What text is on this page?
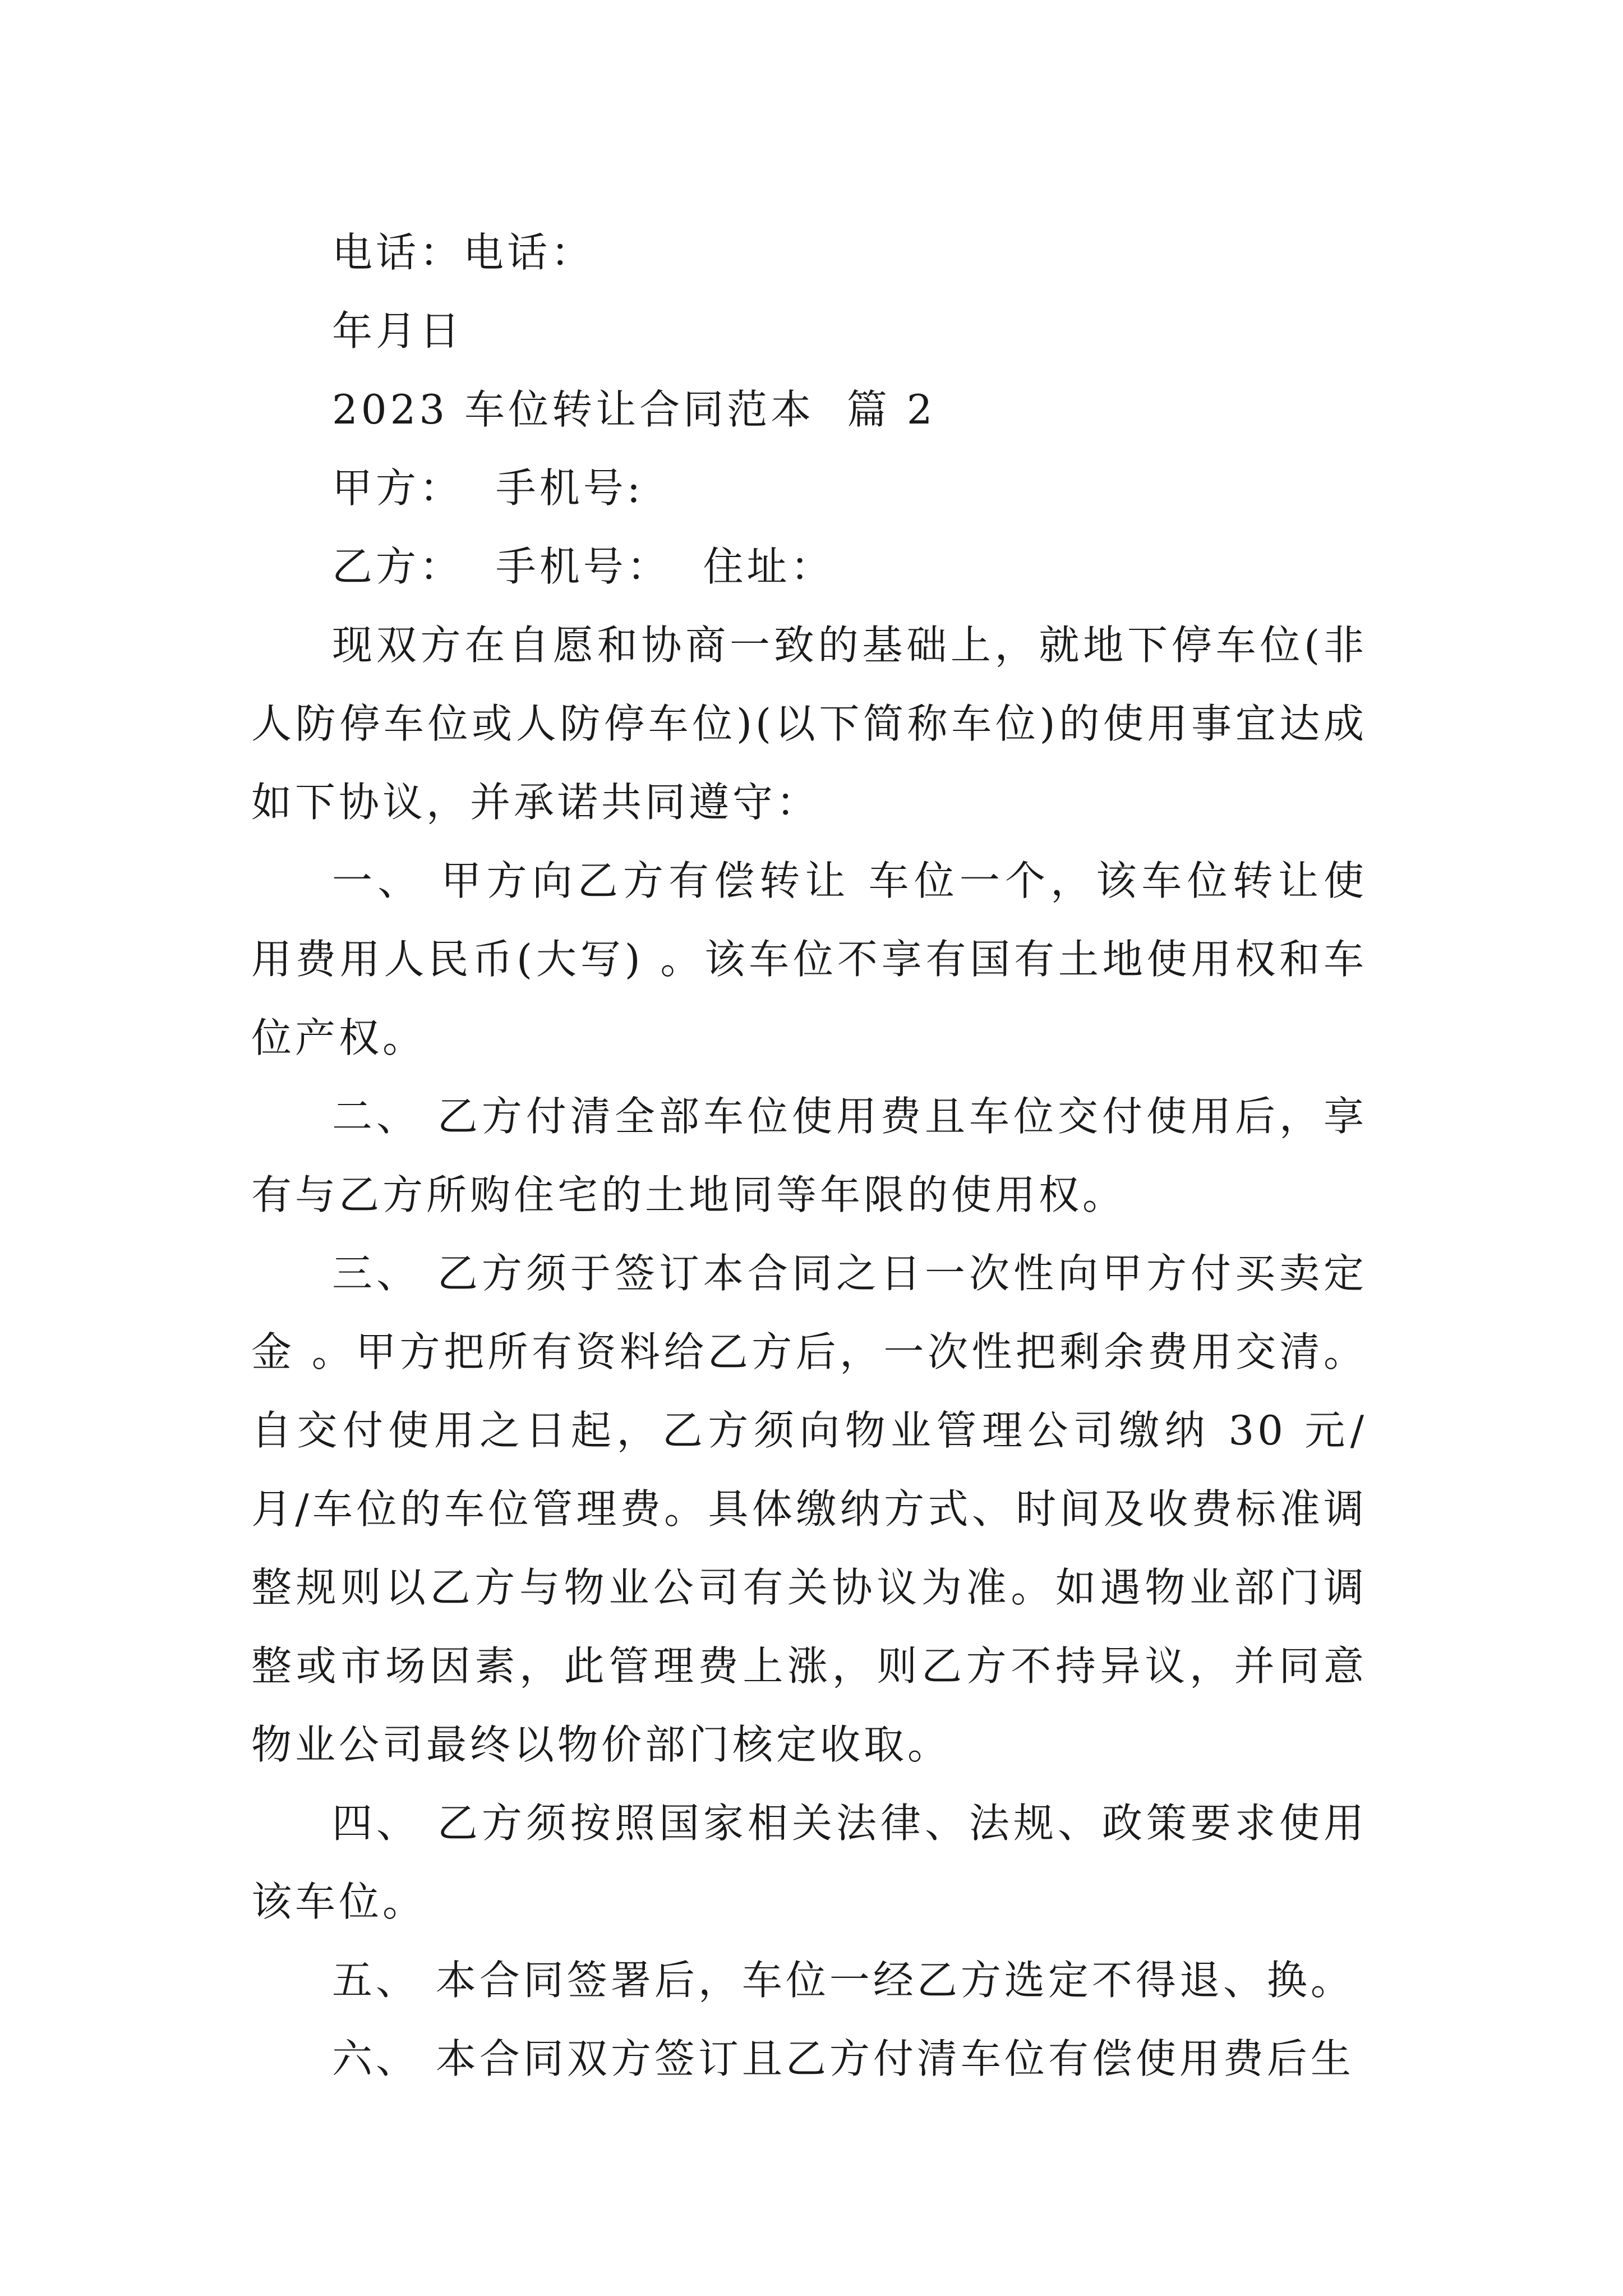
电话：电话：

年月日

2023 车位转让合同范本  篇 2

甲方：  手机号:

乙方：  手机号：  住址：

现双方在自愿和协商一致的基础上，就地下停车位(非人防停车位或人防停车位)(以下简称车位)的使用事宜达成如下协议，并承诺共同遵守：

一、 甲方向乙方有偿转让 车位一个，该车位转让使用费用人民币(大写) 。该车位不享有国有土地使用权和车位产权。

二、 乙方付清全部车位使用费且车位交付使用后，享有与乙方所购住宅的土地同等年限的使用权。

三、 乙方须于签订本合同之日一次性向甲方付买卖定金 。甲方把所有资料给乙方后，一次性把剩余费用交清。自交付使用之日起，乙方须向物业管理公司缴纳 30 元/月/车位的车位管理费。具体缴纳方式、时间及收费标准调整规则以乙方与物业公司有关协议为准。如遇物业部门调整或市场因素，此管理费上涨，则乙方不持异议，并同意物业公司最终以物价部门核定收取。

四、 乙方须按照国家相关法律、法规、政策要求使用该车位。

五、 本合同签署后，车位一经乙方选定不得退、换。

六、 本合同双方签订且乙方付清车位有偿使用费后生
